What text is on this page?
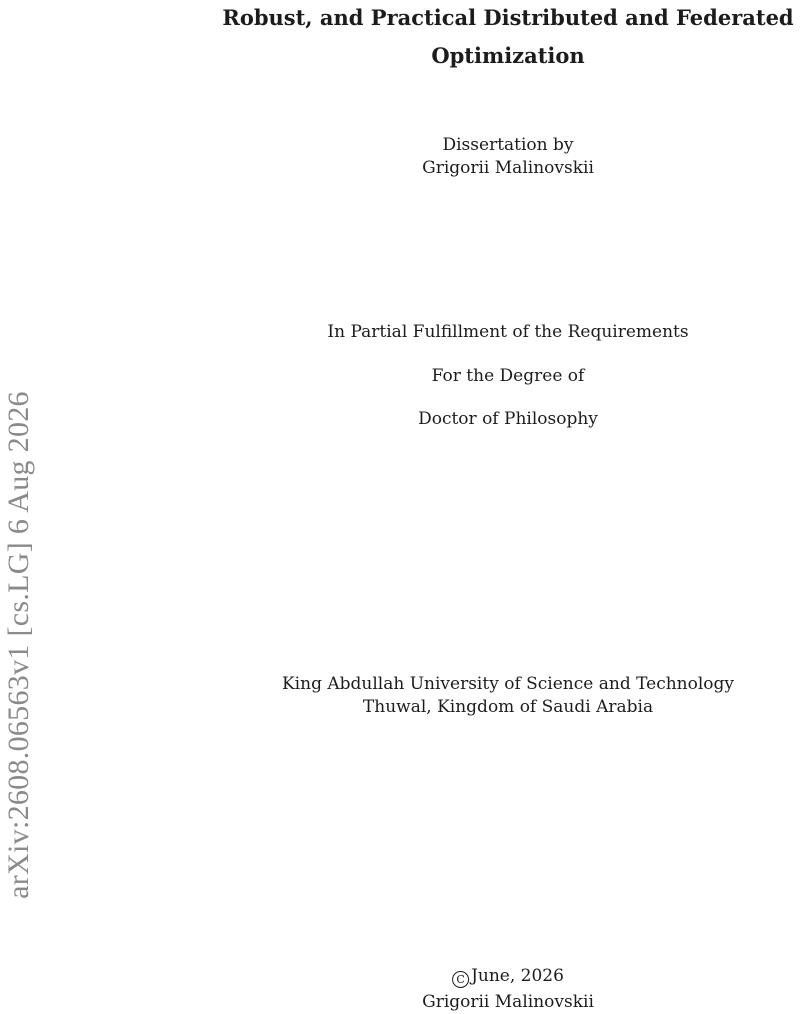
arXiv:2608.06563v1 [cs.LG] 6 Aug 2026
Robust, and Practical Distributed and Federated
Optimization
Dissertation by
Grigorii Malinovskii
In Partial Fulfillment of the Requirements
For the Degree of
Doctor of Philosophy
King Abdullah University of Science and Technology
Thuwal, Kingdom of Saudi Arabia
C June, 2026
Grigorii Malinovskii
